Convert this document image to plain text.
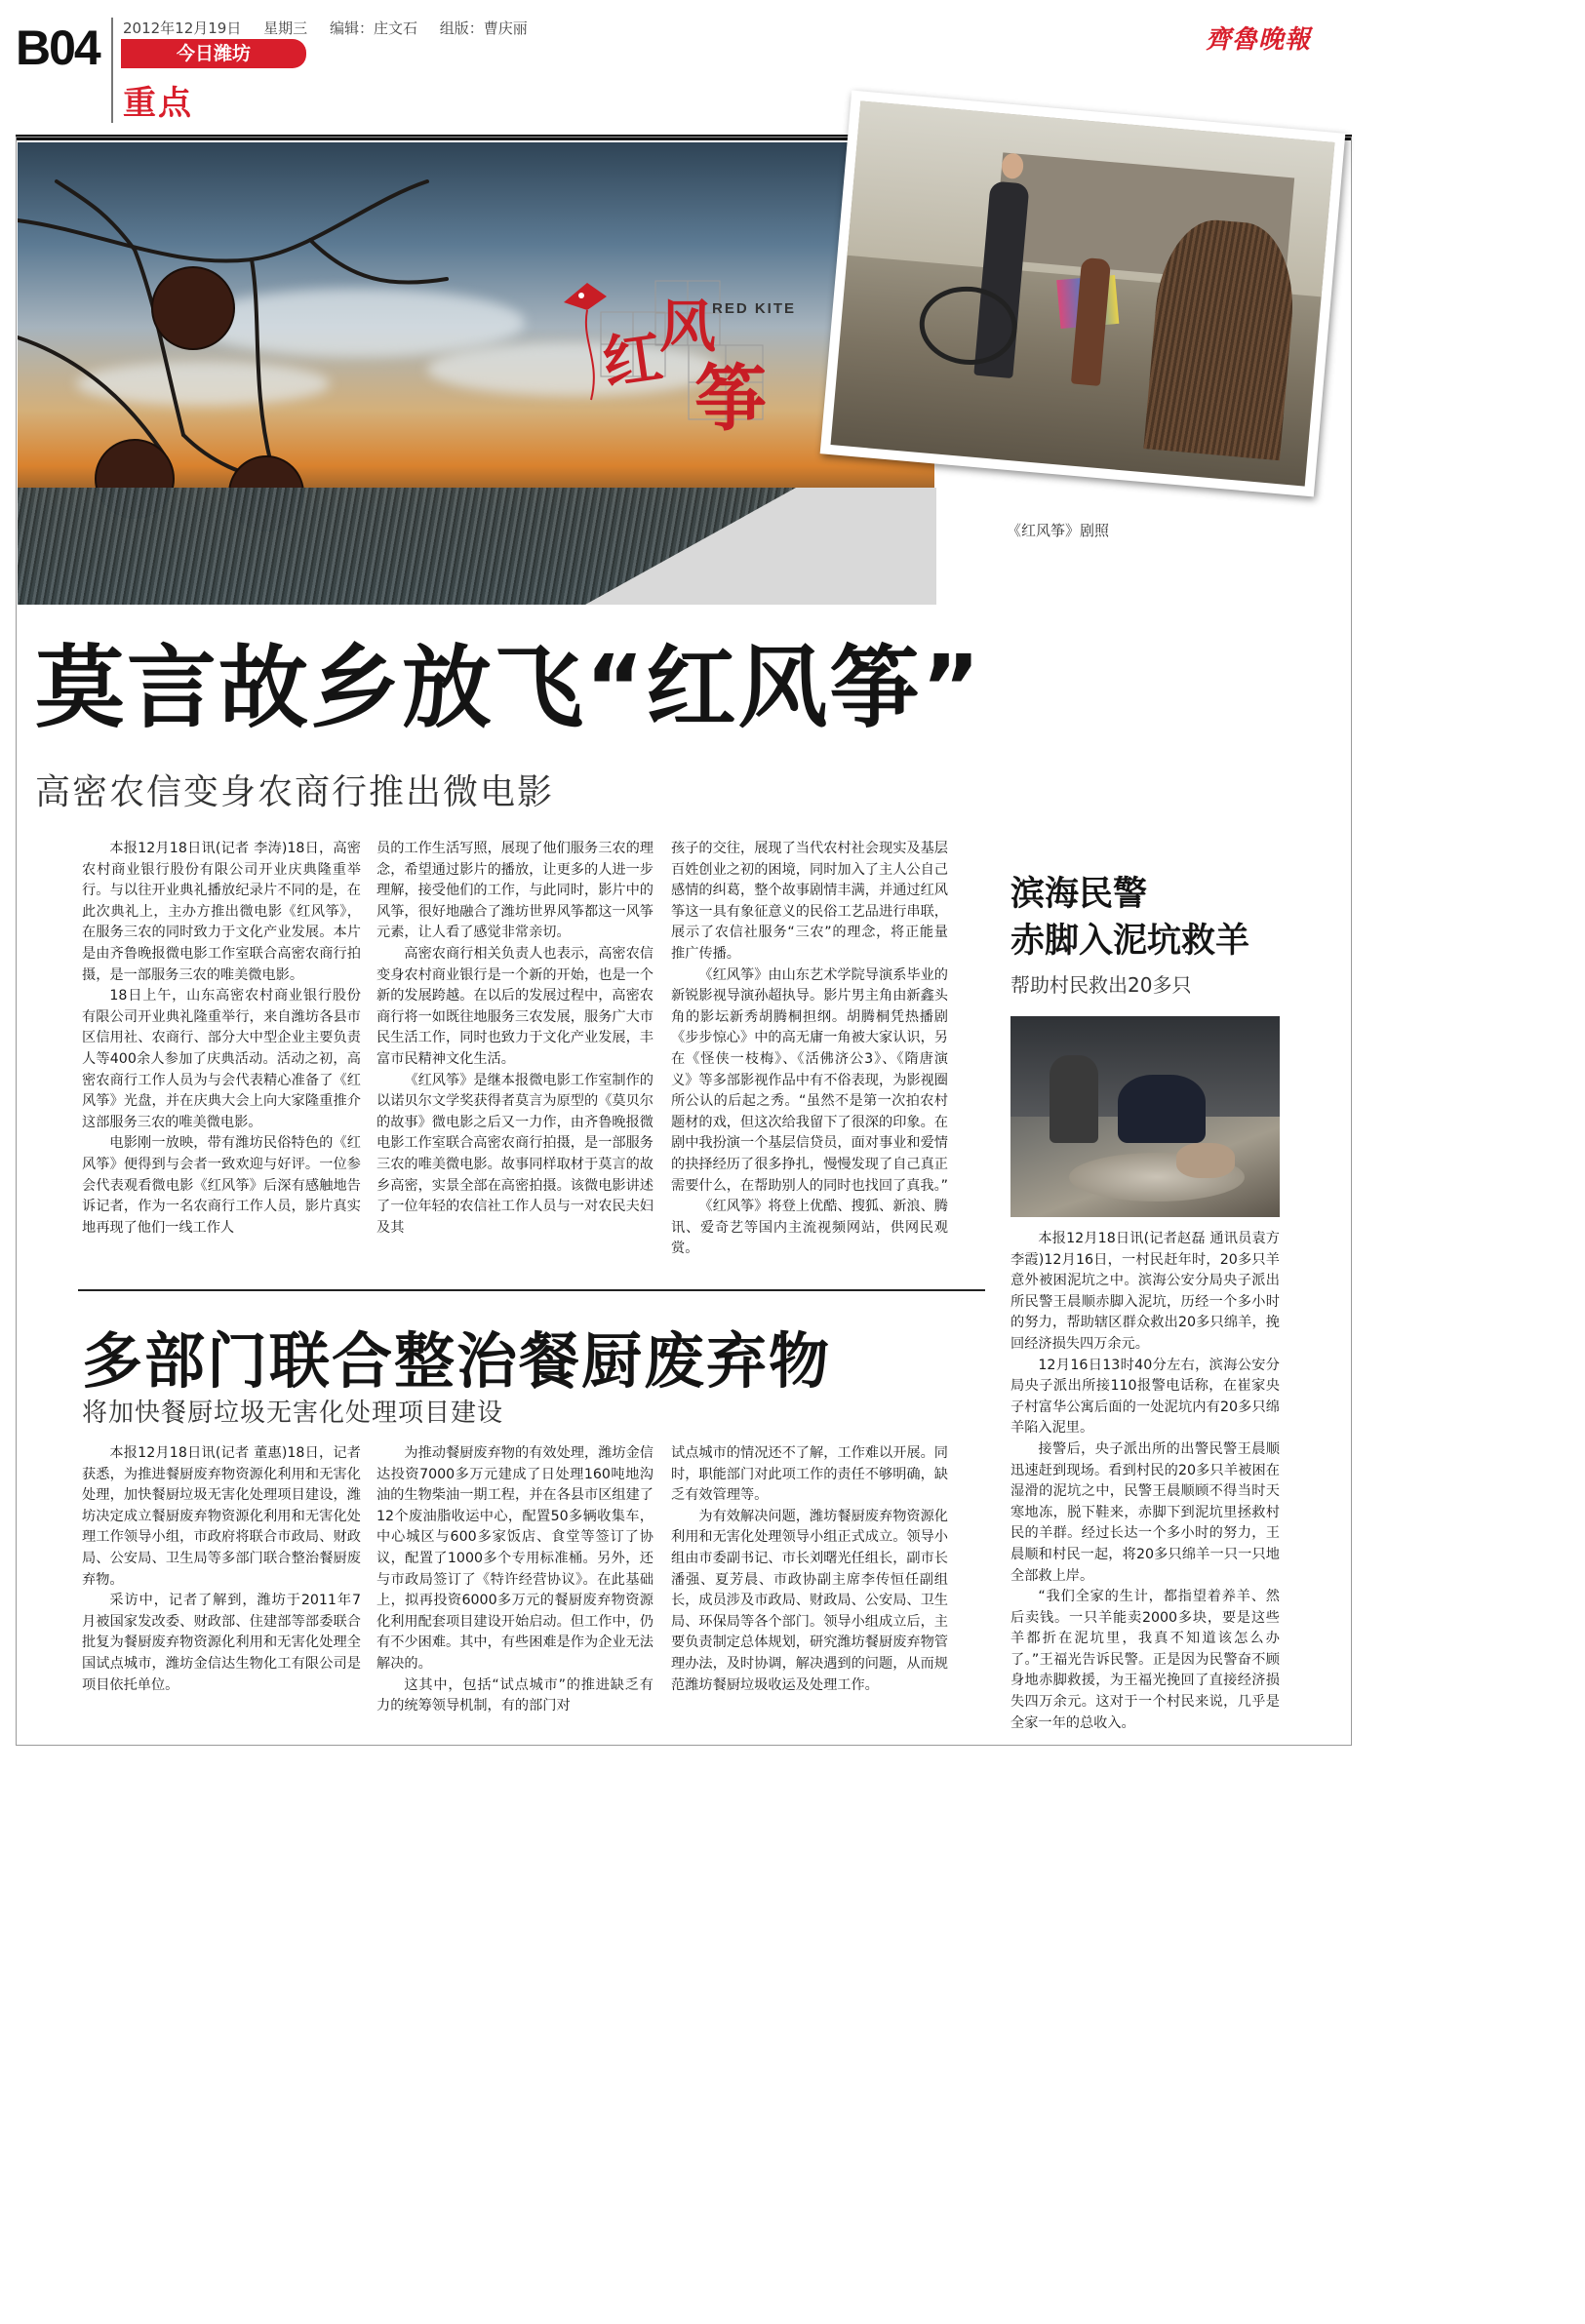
B04 2012年12月19日 星期三 编辑：庄文石 组版：曹庆丽
今日潍坊
重点
齊魯晚報
红
风
筝
RED KITE
《红风筝》剧照
莫言故乡放飞“红风筝”
高密农信变身农商行推出微电影

本报12月18日讯(记者 李涛)18日，高密农村商业银行股份有限公司开业庆典隆重举行。与以往开业典礼播放纪录片不同的是，在此次典礼上，主办方推出微电影《红风筝》，在服务三农的同时致力于文化产业发展。本片是由齐鲁晚报微电影工作室联合高密农商行拍摄，是一部服务三农的唯美微电影。

18日上午，山东高密农村商业银行股份有限公司开业典礼隆重举行，来自潍坊各县市区信用社、农商行、部分大中型企业主要负责人等400余人参加了庆典活动。活动之初，高密农商行工作人员为与会代表精心准备了《红风筝》光盘，并在庆典大会上向大家隆重推介这部服务三农的唯美微电影。

电影刚一放映，带有潍坊民俗特色的《红风筝》便得到与会者一致欢迎与好评。一位参会代表观看微电影《红风筝》后深有感触地告诉记者，作为一名农商行工作人员，影片真实地再现了他们一线工作人

员的工作生活写照，展现了他们服务三农的理念，希望通过影片的播放，让更多的人进一步理解，接受他们的工作，与此同时，影片中的风筝，很好地融合了潍坊世界风筝都这一风筝元素，让人看了感觉非常亲切。

高密农商行相关负责人也表示，高密农信变身农村商业银行是一个新的开始，也是一个新的发展跨越。在以后的发展过程中，高密农商行将一如既往地服务三农发展，服务广大市民生活工作，同时也致力于文化产业发展，丰富市民精神文化生活。

《红风筝》是继本报微电影工作室制作的以诺贝尔文学奖获得者莫言为原型的《莫贝尔的故事》微电影之后又一力作，由齐鲁晚报微电影工作室联合高密农商行拍摄，是一部服务三农的唯美微电影。故事同样取材于莫言的故乡高密，实景全部在高密拍摄。该微电影讲述了一位年轻的农信社工作人员与一对农民夫妇及其

孩子的交往，展现了当代农村社会现实及基层百姓创业之初的困境，同时加入了主人公自己感情的纠葛，整个故事剧情丰满，并通过红风筝这一具有象征意义的民俗工艺品进行串联，展示了农信社服务“三农”的理念，将正能量推广传播。

《红风筝》由山东艺术学院导演系毕业的新锐影视导演孙超执导。影片男主角由新鑫头角的影坛新秀胡腾桐担纲。胡腾桐凭热播剧《步步惊心》中的高无庸一角被大家认识，另在《怪侠一枝梅》、《活佛济公3》、《隋唐演义》等多部影视作品中有不俗表现，为影视圈所公认的后起之秀。“虽然不是第一次拍农村题材的戏，但这次给我留下了很深的印象。在剧中我扮演一个基层信贷员，面对事业和爱情的抉择经历了很多挣扎，慢慢发现了自己真正需要什么，在帮助别人的同时也找回了真我。”

《红风筝》将登上优酷、搜狐、新浪、腾讯、爱奇艺等国内主流视频网站，供网民观赏。

滨海民警
赤脚入泥坑救羊
帮助村民救出20多只

本报12月18日讯(记者赵磊 通讯员袁方 李霞)12月16日，一村民赶年时，20多只羊意外被困泥坑之中。滨海公安分局央子派出所民警王晨顺赤脚入泥坑，历经一个多小时的努力，帮助辖区群众救出20多只绵羊，挽回经济损失四万余元。

12月16日13时40分左右，滨海公安分局央子派出所接110报警电话称，在崔家央子村富华公寓后面的一处泥坑内有20多只绵羊陷入泥里。

接警后，央子派出所的出警民警王晨顺迅速赶到现场。看到村民的20多只羊被困在湿滑的泥坑之中，民警王晨顺顾不得当时天寒地冻，脱下鞋来，赤脚下到泥坑里拯救村民的羊群。经过长达一个多小时的努力，王晨顺和村民一起，将20多只绵羊一只一只地全部救上岸。

“我们全家的生计，都指望着养羊、然后卖钱。一只羊能卖2000多块，要是这些羊都折在泥坑里，我真不知道该怎么办了。”王福光告诉民警。正是因为民警奋不顾身地赤脚救援，为王福光挽回了直接经济损失四万余元。这对于一个村民来说，几乎是全家一年的总收入。

多部门联合整治餐厨废弃物
将加快餐厨垃圾无害化处理项目建设

本报12月18日讯(记者 董惠)18日，记者获悉，为推进餐厨废弃物资源化利用和无害化处理，加快餐厨垃圾无害化处理项目建设，潍坊决定成立餐厨废弃物资源化利用和无害化处理工作领导小组，市政府将联合市政局、财政局、公安局、卫生局等多部门联合整治餐厨废弃物。

采访中，记者了解到，潍坊于2011年7月被国家发改委、财政部、住建部等部委联合批复为餐厨废弃物资源化利用和无害化处理全国试点城市，潍坊金信达生物化工有限公司是项目依托单位。

为推动餐厨废弃物的有效处理，潍坊金信达投资7000多万元建成了日处理160吨地沟油的生物柴油一期工程，并在各县市区组建了12个废油脂收运中心，配置50多辆收集车，中心城区与600多家饭店、食堂等签订了协议，配置了1000多个专用标准桶。另外，还与市政局签订了《特许经营协议》。在此基础上，拟再投资6000多万元的餐厨废弃物资源化利用配套项目建设开始启动。但工作中，仍有不少困难。其中，有些困难是作为企业无法解决的。

这其中，包括“试点城市”的推进缺乏有力的统筹领导机制，有的部门对

试点城市的情况还不了解，工作难以开展。同时，职能部门对此项工作的责任不够明确，缺乏有效管理等。

为有效解决问题，潍坊餐厨废弃物资源化利用和无害化处理领导小组正式成立。领导小组由市委副书记、市长刘曙光任组长，副市长潘强、夏芳晨、市政协副主席李传恒任副组长，成员涉及市政局、财政局、公安局、卫生局、环保局等各个部门。领导小组成立后，主要负责制定总体规划，研究潍坊餐厨废弃物管理办法，及时协调，解决遇到的问题，从而规范潍坊餐厨垃圾收运及处理工作。
